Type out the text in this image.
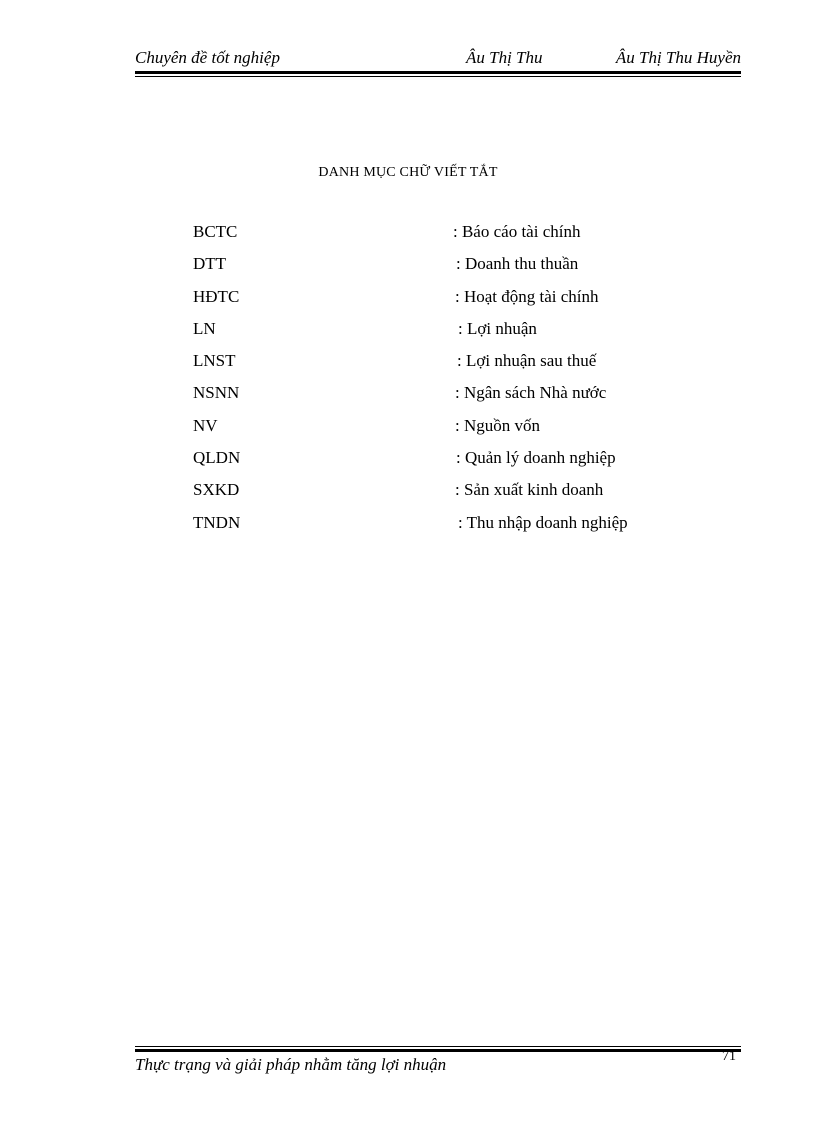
Chuyên đề tốt nghiệp	Âu Thị Thu	Âu Thị Thu Huyền
DANH MỤC CHỮ VIẾT TẮT
BCTC	: Báo cáo tài chính
DTT	: Doanh thu thuần
HĐTC	: Hoạt động tài chính
LN	: Lợi nhuận
LNST	: Lợi nhuận sau thuế
NSNN	: Ngân sách Nhà nước
NV	: Nguồn vốn
QLDN	: Quản lý doanh nghiệp
SXKD	: Sản xuất kinh doanh
TNDN	: Thu nhập doanh nghiệp
Thực trạng và giải pháp nhằm tăng lợi nhuận	71
